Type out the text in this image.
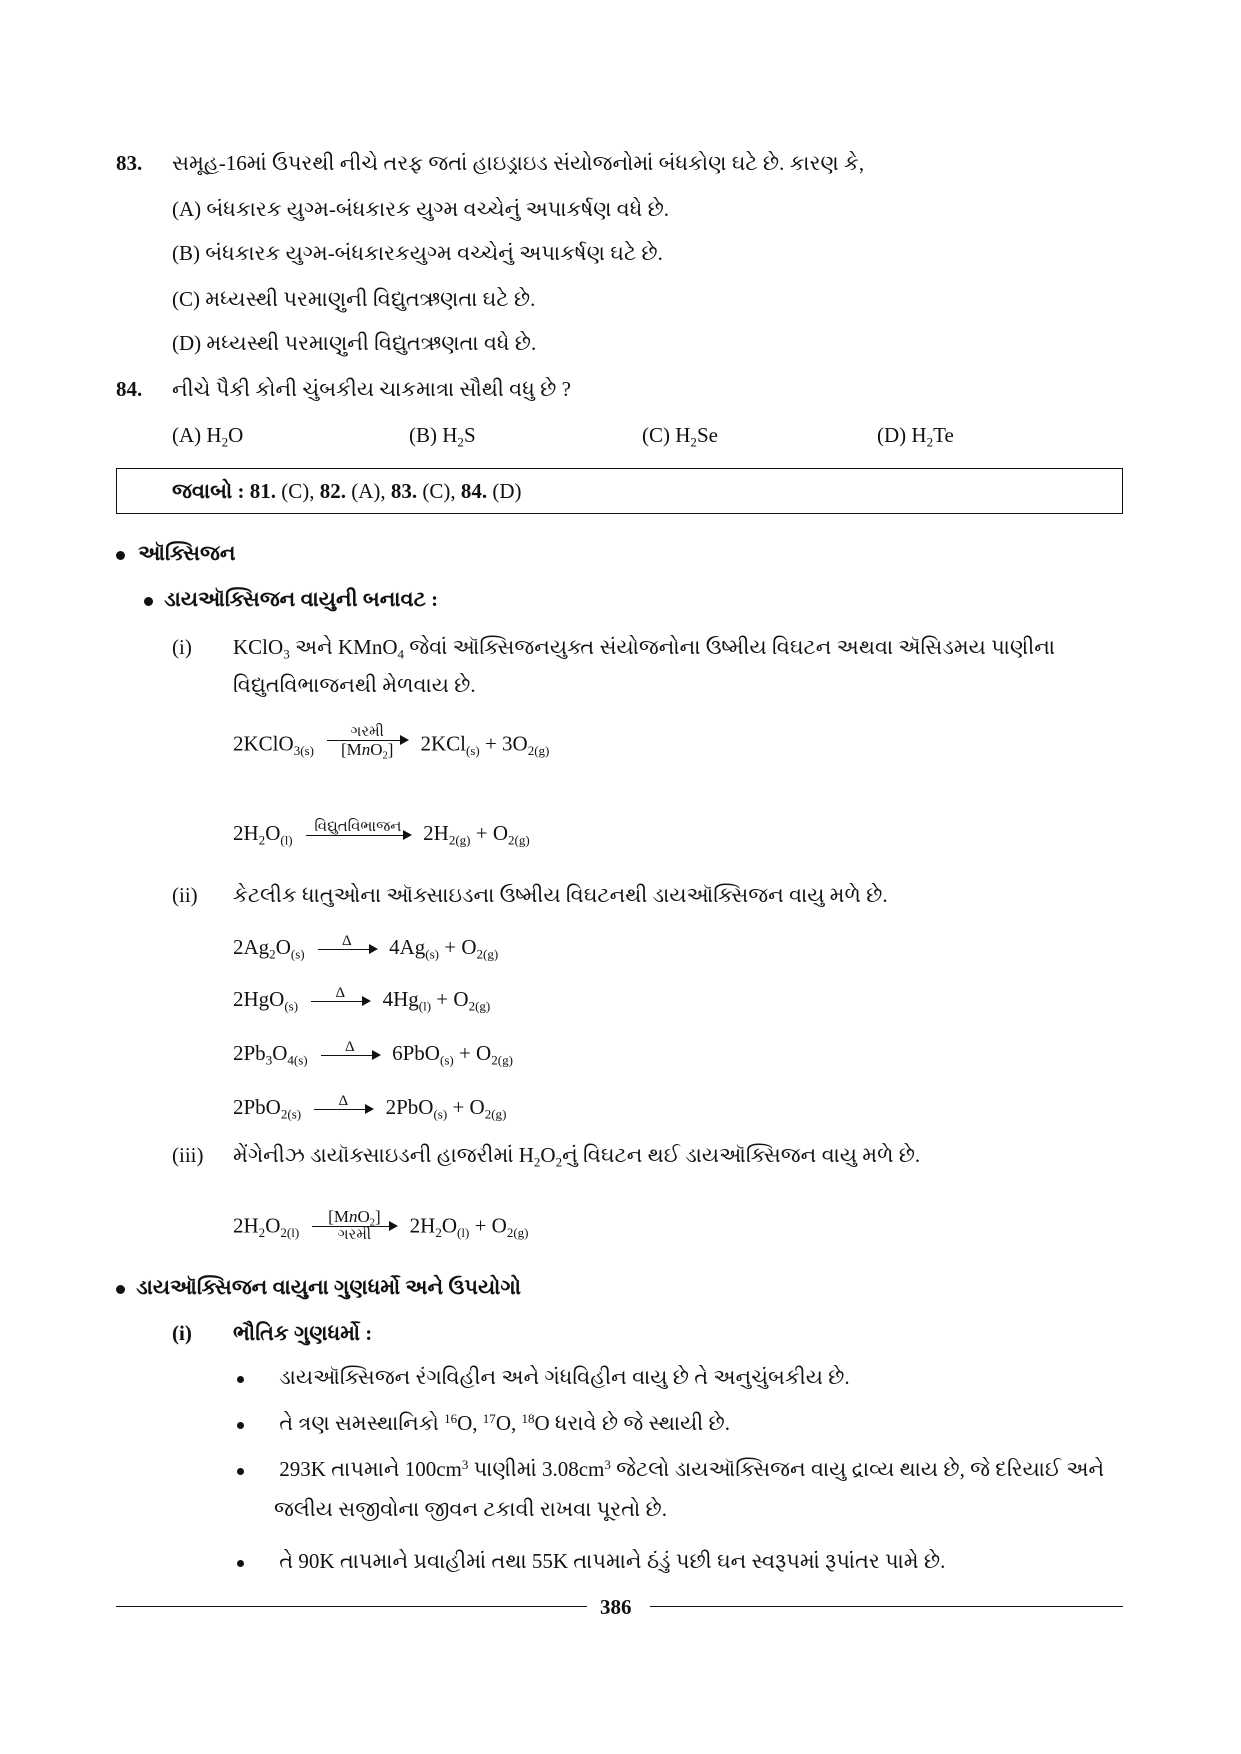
83. સમૂહ-16માં ઉપરથી નીચે તરફ જતાં હાઇડ્રાઇડ સંયોજનોમાં બંધકોણ ઘટે છે. કારણ કે,
(A) બંધકારક યુગ્મ-બંધકારક યુગ્મ વચ્ચેનું અપાકર્ષણ વધે છે.
(B) બંધકારક યુગ્મ-બંધકારકયુગ્મ વચ્ચેનું અપાકર્ષણ ઘટે છે.
(C) મધ્યસ્થી પરમાણુની વિદ્યુતઋણતા ઘટે છે.
(D) મધ્યસ્થી પરમાણુની વિદ્યુતઋણતા વધે છે.
84. નીચે પૈકી કોની ચુંબકીય ચાકમાત્રા સૌથી વધુ છે ?
(A) $H_2O$	(B) $H_2S$	(C) $H_2Se$	(D) $H_2Te$
જવાબો : 81. (C), 82. (A), 83. (C), 84. (D)
ઑક્સિજન
ડાયઑક્સિજન વાયુની બનાવટ :
(i) KClO$_3$ અને KMnO$_4$ જેવાં ઑક્સિજનયુક્ત સંયોજનોના ઉષ્મીય વિઘટન અથવા ઍસિડમય પાણીના
વિદ્યુતવિભાજનથી મેળવાય છે.
2KClO$_{3(s)}$
ગરમી
[MnO$_2$]	$2KCl_{(s)} + 3O_{2(g)}$
$2H_2O_{(l)}$
વિદ્યુતવિભાજન $2H_{2(g)} + O_{2(g)}$
(ii) કેટલીક ધાતુઓના ઑક્સાઇડના ઉષ્મીય વિઘટનથી ડાયઑક્સિજન વાયુ મળે છે.
$2Ag_2O_{(s)}$
Δ	$4Ag_{(s)} + O_{2(g)}$
2HgO$_{(s)}$
Δ	$4Hg_{(l)} + O_{2(g)}$
$2Pb_3O_{4(s)}$
Δ	$6PbO_{(s)} + O_{2(g)}$
2PbO$_{2(s)}$
Δ	$2PbO_{(s)} + O_{2(g)}$
(iii) મેંગેનીઝ ડાયૉક્સાઇડની હાજરીમાં $H_2O_2નું$ વિઘટન થઈ ડાયઑક્સિજન વાયુ મળે છે.
$2H_2O_{2(l)}$
[MnO$_2$]
ગરમી	$2H_2O_{(l)} + O_{2(g)}$
ડાયઑક્સિજન વાયુના ગુણધર્મો અને ઉપયોગો
(i) ભૌતિક ગુણધર્મો :
ડાયઑક્સિજન રંગવિહીન અને ગંધવિહીન વાયુ છે તે અનુચુંબકીય છે.
તે ત્રણ સમસ્થાનિકો $^{16}$O, $^{17}$O, $^{18}$O ધરાવે છે જે સ્થાયી છે.
293K તાપમાને $100cm^3$ પાણીમાં $3.08cm^3$ જેટલો ડાયઑક્સિજન વાયુ દ્રાવ્ય થાય છે, જે દરિયાઈ અને
જલીય સજીવોના જીવન ટકાવી રાખવા પૂરતો છે.
તે 90K તાપમાને પ્રવાહીમાં તથા 55K તાપમાને ઠંડું પછી ઘન સ્વરૂપમાં રૂપાંતર પામે છે.
386
